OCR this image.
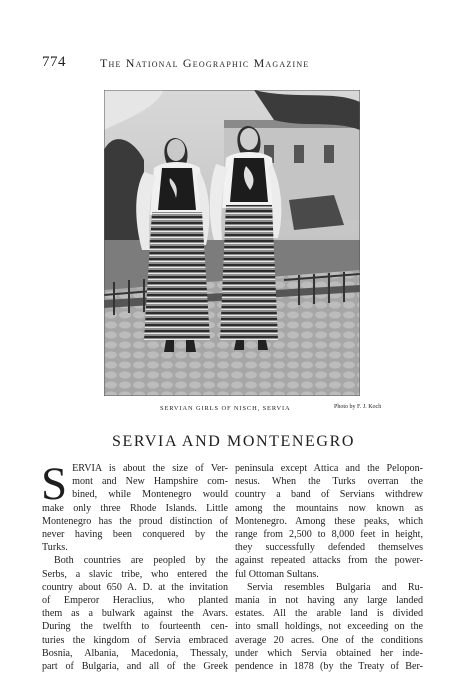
774	The National Geographic Magazine
SERVIAN GIRLS OF NISCH, SERVIA	Photo by F. J. Koch
SERVIA AND MONTENEGRO

S ERVIA is about the size of Ver-
mont and New Hampshire com-
bined, while Montenegro would
make only three Rhode Islands. Little
Montenegro has the proud distinction of
never having been conquered by the
Turks.

Both countries are peopled by the

Serbs, a slavic tribe, who entered the
country about 650 A. D. at the invitation
of Emperor Heraclius, who planted
them as a bulwark against the Avars.
During the twelfth to fourteenth cen-
turies the kingdom of Servia embraced
Bosnia, Albania, Macedonia, Thessaly,
part of Bulgaria, and all of the Greek

peninsula except Attica and the Pelopon-
nesus. When the Turks overran the
country a band of Servians withdrew
among the mountains now known as
Montenegro. Among these peaks, which
range from 2,500 to 8,000 feet in height,
they successfully defended themselves
against repeated attacks from the power-
ful Ottoman Sultans.

Servia resembles Bulgaria and Ru-

mania in not having any large landed
estates. All the arable land is divided
into small holdings, not exceeding on the
average 20 acres. One of the conditions
under which Servia obtained her inde-
pendence in 1878 (by the Treaty of Ber-
